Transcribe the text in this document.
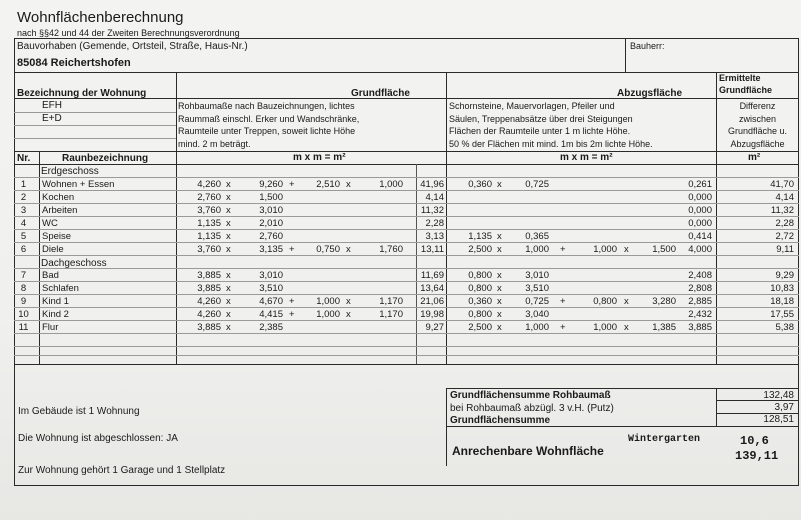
Wohnflächenberechnung
nach §§42 und 44 der Zweiten Berechnungsverordnung
Bauvorhaben (Gemende, Ortsteil, Straße, Haus-Nr.)
85084 Reichertshofen
Bauherr:
Bezeichnung der Wohnung	Grundfläche	Abzugsfläche
Ermittelte
Grundfläche
EFH
E+D
Rohbaumaße nach Bauzeichnungen, lichtes
Raummaß einschl. Erker und Wandschränke,
Raumteile unter Treppen, soweit lichte Höhe
mind. 2 m beträgt.
Schornsteine, Mauervorlagen, Pfeiler und
Säulen, Treppenabsätze über drei Steigungen
Flächen der Raumteile unter 1 m lichte Höhe.
50 % der Flächen mit mind. 1m bis 2m lichte Höhe.
Differenz
zwischen
Grundfläche u.
Abzugsfläche
Nr.	Raunbezeichnung	m x m = m²	m x m = m²	m²
Erdgeschoss
Dachgeschoss
1	Wohnen + Essen	4,260 x	9,260 +	2,510 x	1,000	41,96	0,360 x	0,725	0,261	41,70
2	Kochen	2,760 x	1,500	4,14	0,000	4,14
3	Arbeiten	3,760 x	3,010	11,32	0,000	11,32
4	WC	1,135 x	2,010	2,28	0,000	2,28
5	Speise	1,135 x	2,760	3,13	1,135 x	0,365	0,414	2,72
6	Diele	3,760 x	3,135 +	0,750 x	1,760	13,11	2,500 x	1,000 +	1,000 x	1,500	4,000	9,11
7	Bad	3,885 x	3,010	11,69	0,800 x	3,010	2,408	9,29
8	Schlafen	3,885 x	3,510	13,64	0,800 x	3,510	2,808	10,83
9	Kind 1	4,260 x	4,670 +	1,000 x	1,170	21,06	0,360 x	0,725 +	0,800 x	3,280	2,885	18,18
10	Kind 2	4,260 x	4,415 +	1,000 x	1,170	19,98	0,800 x	3,040	2,432	17,55
11	Flur	3,885 x	2,385	9,27	2,500 x	1,000 +	1,000 x	1,385	3,885	5,38
Grundflächensumme Rohbaumaß	132,48
bei Rohbaumaß abzügl. 3 v.H. (Putz)	3,97
Grundflächensumme	128,51
Im Gebäude ist 1 Wohnung
Die Wohnung ist abgeschlossen: JA
Zur Wohnung gehört 1 Garage und 1 Stellplatz
Wintergarten	10,6
Anrechenbare Wohnfläche	139,11
